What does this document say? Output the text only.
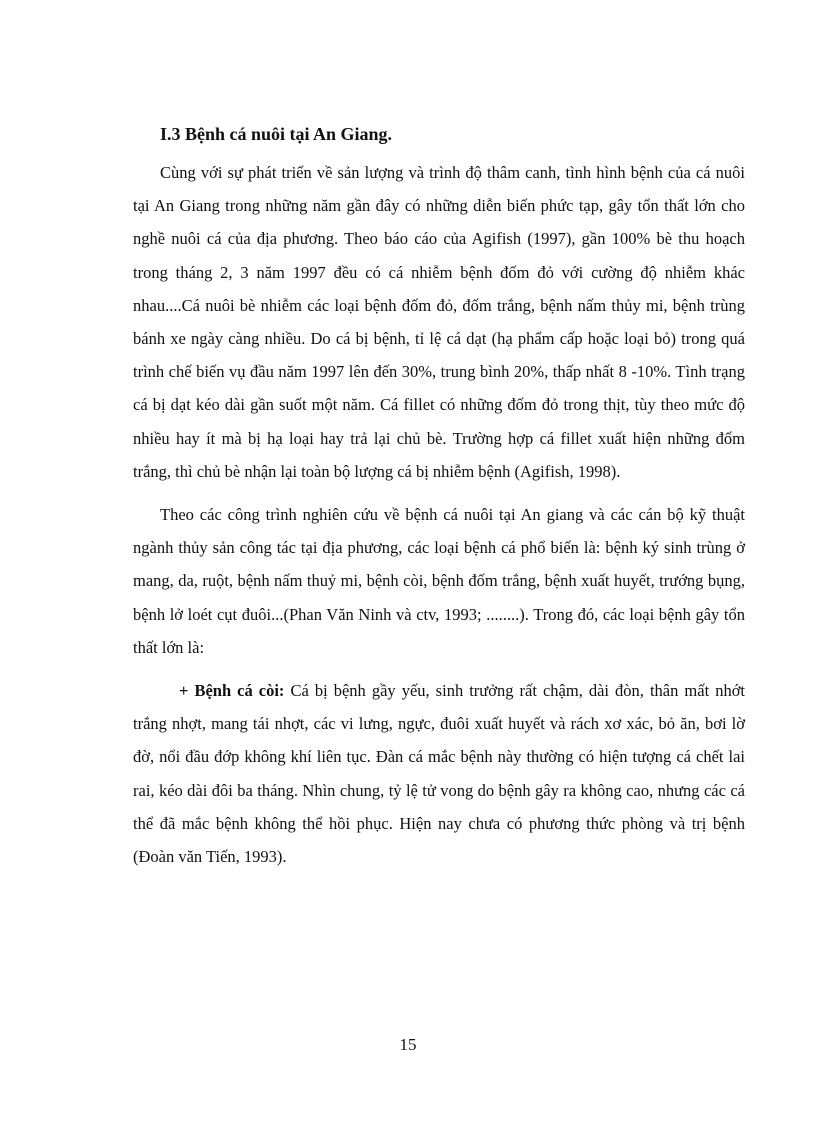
I.3 Bệnh cá nuôi tại An Giang.

Cùng với sự phát triển về sản lượng và trình độ thâm canh, tình hình bệnh của cá nuôi tại An Giang trong những năm gần đây có những diễn biến phức tạp, gây tổn thất lớn cho nghề nuôi cá của địa phương. Theo báo cáo của Agifish (1997), gần 100% bè thu hoạch trong tháng 2, 3 năm 1997 đều có cá nhiễm bệnh đốm đỏ với cường độ nhiễm khác nhau....Cá nuôi bè nhiễm các loại bệnh đốm đỏ, đốm trắng, bệnh nấm thủy mi, bệnh trùng bánh xe ngày càng nhiều. Do cá bị bệnh, tỉ lệ cá dạt (hạ phẩm cấp hoặc loại bỏ) trong quá trình chế biến vụ đầu năm 1997 lên đến 30%, trung bình 20%, thấp nhất 8 -10%. Tình trạng cá bị dạt kéo dài gần suốt một năm. Cá fillet có những đốm đỏ trong thịt, tùy theo mức độ nhiều hay ít mà bị hạ loại hay trả lại chủ bè. Trường hợp cá fillet xuất hiện những đốm trắng, thì chủ bè nhận lại toàn bộ lượng cá bị nhiễm bệnh (Agifish, 1998).

Theo các công trình nghiên cứu về bệnh cá nuôi tại An giang và các cán bộ kỹ thuật ngành thủy sản công tác tại địa phương, các loại bệnh cá phổ biến là: bệnh ký sinh trùng ở mang, da, ruột, bệnh nấm thuỷ mi, bệnh còi, bệnh đốm trắng, bệnh xuất huyết, trướng bụng, bệnh lở loét cụt đuôi...(Phan Văn Ninh và ctv, 1993; ........). Trong đó, các loại bệnh gây tổn thất lớn là:

+ Bệnh cá còi: Cá bị bệnh gầy yếu, sinh trưởng rất chậm, dài đòn, thân mất nhớt trắng nhợt, mang tái nhợt, các vi lưng, ngực, đuôi xuất huyết và rách xơ xác, bỏ ăn, bơi lờ đờ, nổi đầu đớp không khí liên tục. Đàn cá mắc bệnh này thường có hiện tượng cá chết lai rai, kéo dài đôi ba tháng. Nhìn chung, tỷ lệ tử vong do bệnh gây ra không cao, nhưng các cá thể đã mắc bệnh không thể hồi phục. Hiện nay chưa có phương thức phòng và trị bệnh (Đoàn văn Tiến, 1993).

15
